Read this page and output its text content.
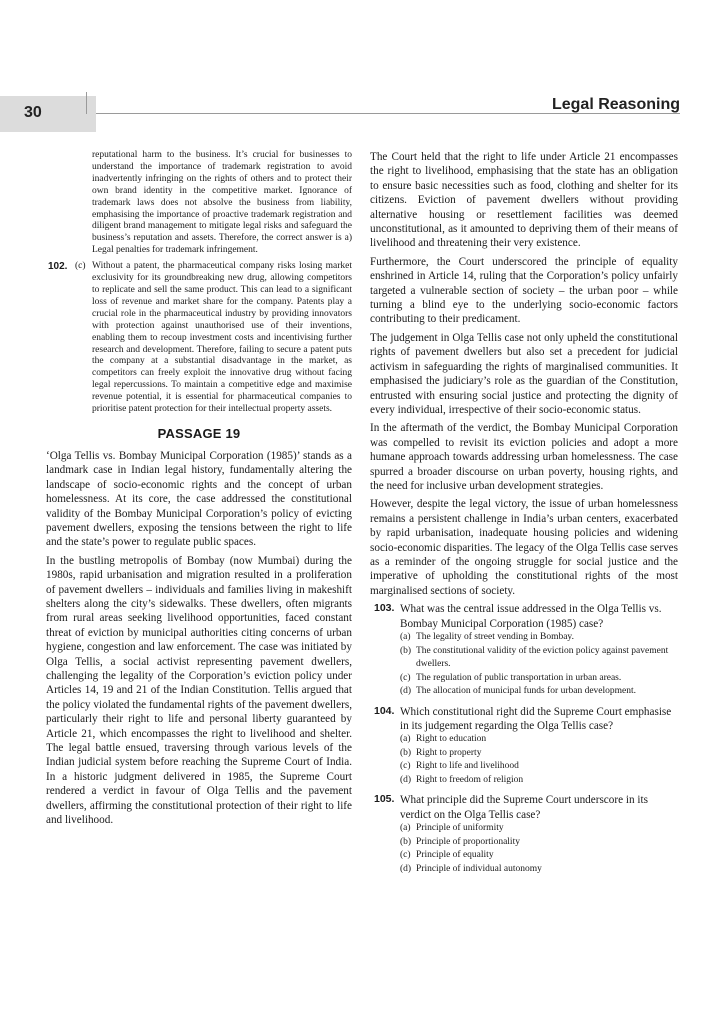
30	Legal Reasoning
reputational harm to the business. It’s crucial for businesses to understand the importance of trademark registration to avoid inadvertently infringing on the rights of others and to protect their own brand identity in the competitive market. Ignorance of trademark laws does not absolve the business from liability, emphasising the importance of proactive trademark registration and diligent brand management to mitigate legal risks and safeguard the business’s reputation and assets. Therefore, the correct answer is a) Legal penalties for trademark infringement.
102. (c) Without a patent, the pharmaceutical company risks losing market exclusivity for its groundbreaking new drug, allowing competitors to replicate and sell the same product. This can lead to a significant loss of revenue and market share for the company. Patents play a crucial role in the pharmaceutical industry by providing innovators with protection against unauthorised use of their inventions, enabling them to recoup investment costs and incentivising further research and development. Therefore, failing to secure a patent puts the company at a substantial disadvantage in the market, as competitors can freely exploit the innovative drug without facing legal repercussions. To maintain a competitive edge and maximise revenue potential, it is essential for pharmaceutical companies to prioritise patent protection for their intellectual property assets.
PASSAGE 19

‘Olga Tellis vs. Bombay Municipal Corporation (1985)’ stands as a landmark case in Indian legal history, fundamentally altering the landscape of socio-economic rights and the concept of urban homelessness. At its core, the case addressed the constitutional validity of the Bombay Municipal Corporation’s policy of evicting pavement dwellers, exposing the tensions between the right to life and the state’s power to regulate public spaces.

In the bustling metropolis of Bombay (now Mumbai) during the 1980s, rapid urbanisation and migration resulted in a proliferation of pavement dwellers – individuals and families living in makeshift shelters along the city’s sidewalks. These dwellers, often migrants from rural areas seeking livelihood opportunities, faced constant threat of eviction by municipal authorities citing concerns of urban hygiene, congestion and law enforcement. The case was initiated by Olga Tellis, a social activist representing pavement dwellers, challenging the legality of the Corporation’s eviction policy under Articles 14, 19 and 21 of the Indian Constitution. Tellis argued that the policy violated the fundamental rights of the pavement dwellers, particularly their right to life and personal liberty guaranteed by Article 21, which encompasses the right to livelihood and shelter. The legal battle ensued, traversing through various levels of the Indian judicial system before reaching the Supreme Court of India. In a historic judgment delivered in 1985, the Supreme Court rendered a verdict in favour of Olga Tellis and the pavement dwellers, affirming the constitutional protection of their right to life and livelihood.

The Court held that the right to life under Article 21 encompasses the right to livelihood, emphasising that the state has an obligation to ensure basic necessities such as food, clothing and shelter for its citizens. Eviction of pavement dwellers without providing alternative housing or resettlement facilities was deemed unconstitutional, as it amounted to depriving them of their means of livelihood and threatening their very existence.

Furthermore, the Court underscored the principle of equality enshrined in Article 14, ruling that the Corporation’s policy unfairly targeted a vulnerable section of society – the urban poor – while turning a blind eye to the underlying socio-economic factors contributing to their predicament.

The judgement in Olga Tellis case not only upheld the constitutional rights of pavement dwellers but also set a precedent for judicial activism in safeguarding the rights of marginalised communities. It emphasised the judiciary’s role as the guardian of the Constitution, entrusted with ensuring social justice and protecting the dignity of every individual, irrespective of their socio-economic status.

In the aftermath of the verdict, the Bombay Municipal Corporation was compelled to revisit its eviction policies and adopt a more humane approach towards addressing urban homelessness. The case spurred a broader discourse on urban poverty, housing rights, and the need for inclusive urban development strategies.

However, despite the legal victory, the issue of urban homelessness remains a persistent challenge in India’s urban centers, exacerbated by rapid urbanisation, inadequate housing policies and widening socio-economic disparities. The legacy of the Olga Tellis case serves as a reminder of the ongoing struggle for social justice and the imperative of upholding the constitutional rights of the most marginalised sections of society.

103. What was the central issue addressed in the Olga Tellis vs. Bombay Municipal Corporation (1985) case?
(a) The legality of street vending in Bombay.
(b) The constitutional validity of the eviction policy against pavement dwellers.
(c) The regulation of public transportation in urban areas.
(d) The allocation of municipal funds for urban development.
104. Which constitutional right did the Supreme Court emphasise in its judgement regarding the Olga Tellis case?
(a) Right to education
(b) Right to property
(c) Right to life and livelihood
(d) Right to freedom of religion
105. What principle did the Supreme Court underscore in its verdict on the Olga Tellis case?
(a) Principle of uniformity
(b) Principle of proportionality
(c) Principle of equality
(d) Principle of individual autonomy
